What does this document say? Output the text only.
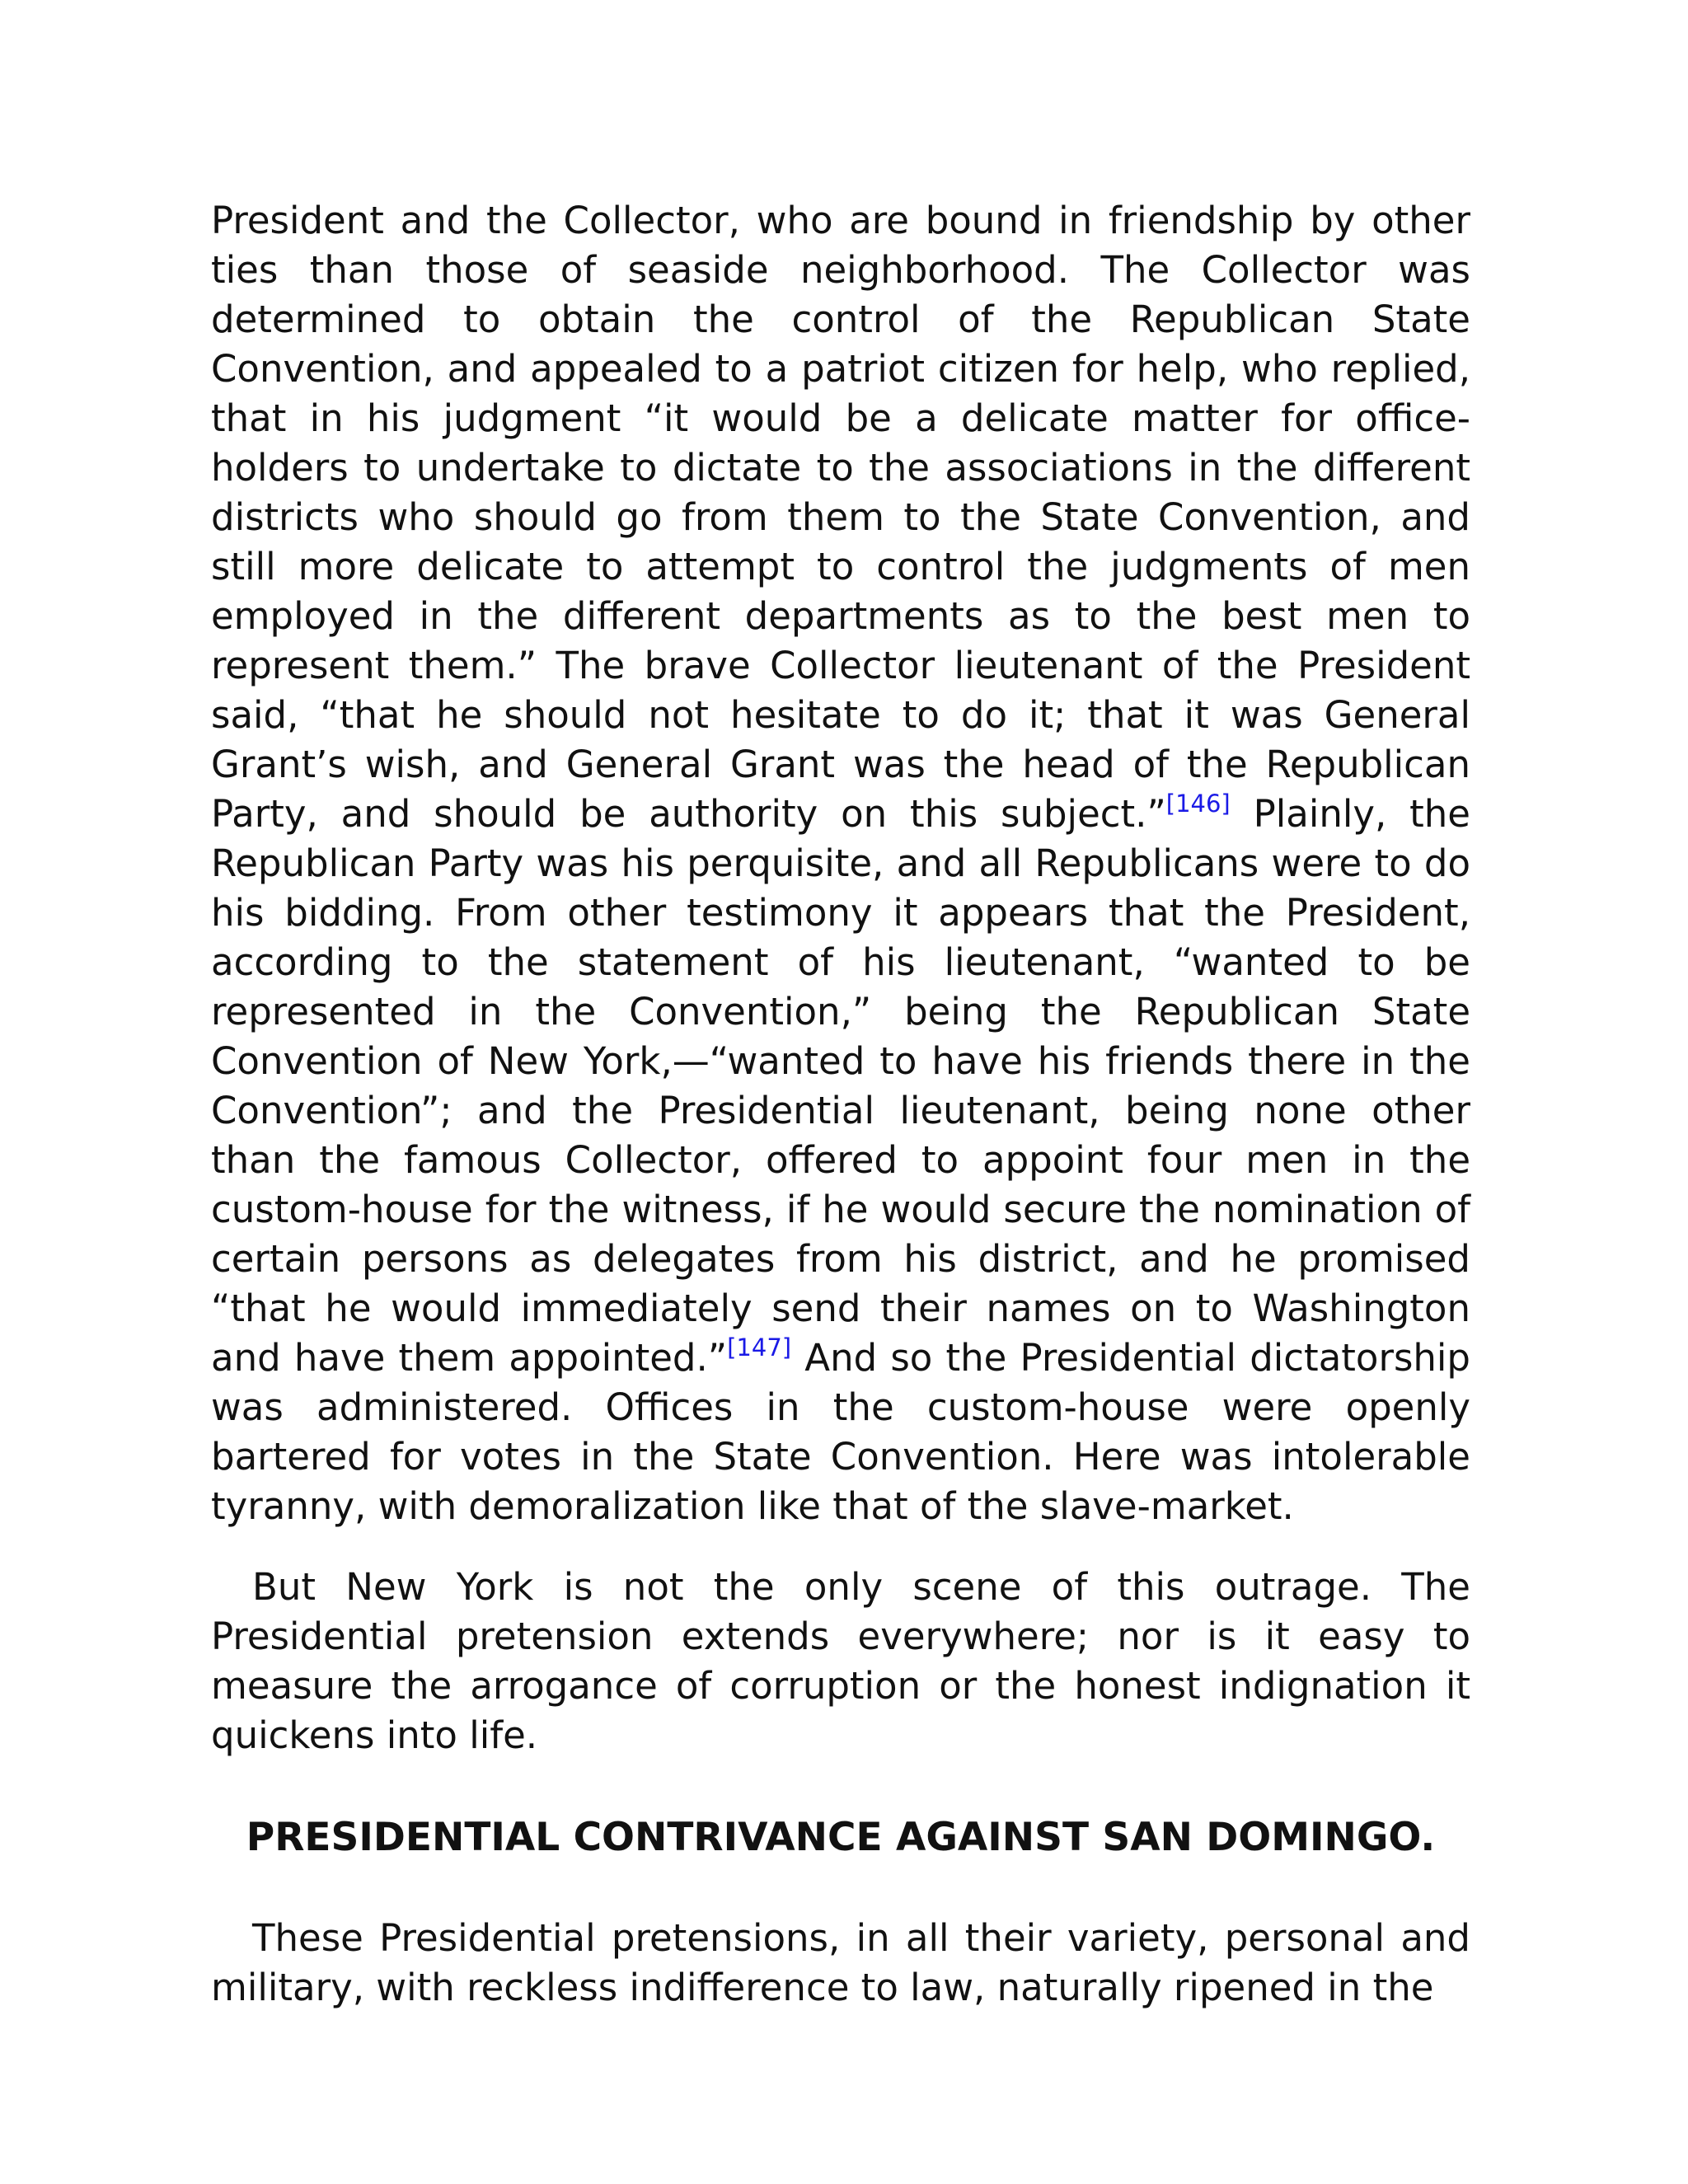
President and the Collector, who are bound in friendship by other ties than those of seaside neighborhood. The Collector was determined to obtain the control of the Republican State Convention, and appealed to a patriot citizen for help, who replied, that in his judgment “it would be a delicate matter for office-holders to undertake to dictate to the associations in the different districts who should go from them to the State Convention, and still more delicate to attempt to control the judgments of men employed in the different departments as to the best men to represent them.” The brave Collector lieutenant of the President said, “that he should not hesitate to do it; that it was General Grant’s wish, and General Grant was the head of the Republican Party, and should be authority on this subject.”[146] Plainly, the Republican Party was his perquisite, and all Republicans were to do his bidding. From other testimony it appears that the President, according to the statement of his lieutenant, “wanted to be represented in the Convention,” being the Republican State Convention of New York,—“wanted to have his friends there in the Convention”; and the Presidential lieutenant, being none other than the famous Collector, offered to appoint four men in the custom-house for the witness, if he would secure the nomination of certain persons as delegates from his district, and he promised “that he would immediately send their names on to Washington and have them appointed.”[147] And so the Presidential dictatorship was administered. Offices in the custom-house were openly bartered for votes in the State Convention. Here was intolerable tyranny, with demoralization like that of the slave-market.

But New York is not the only scene of this outrage. The Presidential pretension extends everywhere; nor is it easy to measure the arrogance of corruption or the honest indignation it quickens into life.

PRESIDENTIAL CONTRIVANCE AGAINST SAN DOMINGO.

These Presidential pretensions, in all their variety, personal and military, with reckless indifference to law, naturally ripened in the
